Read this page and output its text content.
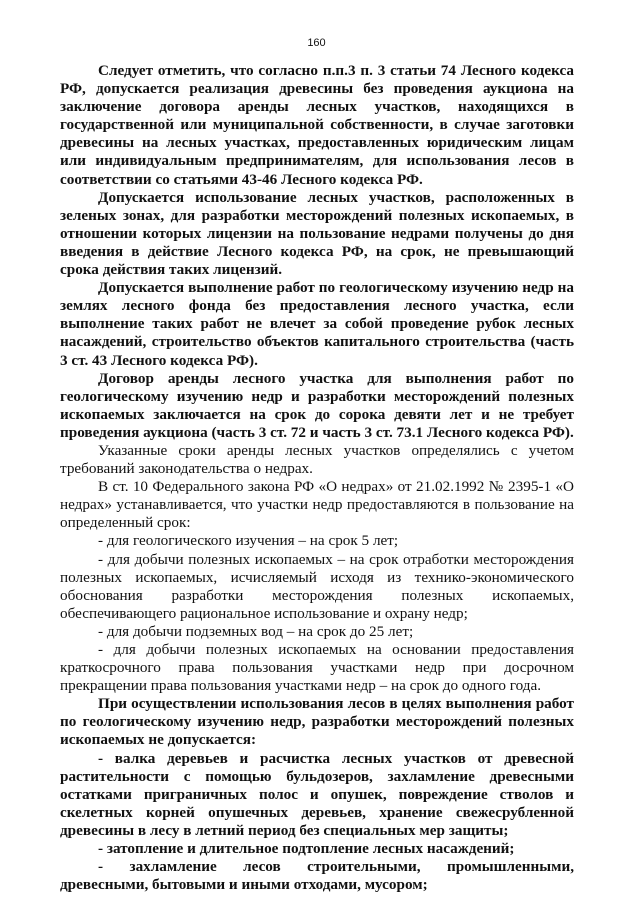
160

Следует отметить, что согласно п.п.3 п. 3 статьи 74 Лесного кодекса РФ, допускается реализация древесины без проведения аукциона на заключение договора аренды лесных участков, находящихся в государственной или муниципальной собственности, в случае заготовки древесины на лесных участках, предоставленных юридическим лицам или индивидуальным предпринимателям, для использования лесов в соответствии со статьями 43-46 Лесного кодекса РФ.

Допускается использование лесных участков, расположенных в зеленых зонах, для разработки месторождений полезных ископаемых, в отношении которых лицензии на пользование недрами получены до дня введения в действие Лесного кодекса РФ, на срок, не превышающий срока действия таких лицензий.

Допускается выполнение работ по геологическому изучению недр на землях лесного фонда без предоставления лесного участка, если выполнение таких работ не влечет за собой проведение рубок лесных насаждений, строительство объектов капитального строительства (часть 3 ст. 43 Лесного кодекса РФ).

Договор аренды лесного участка для выполнения работ по геологическому изучению недр и разработки месторождений полезных ископаемых заключается на срок до сорока девяти лет и не требует проведения аукциона (часть 3 ст. 72 и часть 3 ст. 73.1 Лесного кодекса РФ).

Указанные сроки аренды лесных участков определялись с учетом требований законодательства о недрах.

В ст. 10 Федерального закона РФ «О недрах» от 21.02.1992 № 2395-1 «О недрах» устанавливается, что участки недр предоставляются в пользование на определенный срок:

- для геологического изучения – на срок 5 лет;

- для добычи полезных ископаемых – на срок отработки месторождения полезных ископаемых, исчисляемый исходя из технико-экономического обоснования разработки месторождения полезных ископаемых, обеспечивающего рациональное использование и охрану недр;

- для добычи подземных вод – на срок до 25 лет;

- для добычи полезных ископаемых на основании предоставления краткосрочного права пользования участками недр при досрочном прекращении права пользования участками недр – на срок до одного года.

При осуществлении использования лесов в целях выполнения работ по геологическому изучению недр, разработки месторождений полезных ископаемых не допускается:

- валка деревьев и расчистка лесных участков от древесной растительности с помощью бульдозеров, захламление древесными остатками приграничных полос и опушек, повреждение стволов и скелетных корней опушечных деревьев, хранение свежесрубленной древесины в лесу в летний период без специальных мер защиты;

- затопление и длительное подтопление лесных насаждений;

- захламление лесов строительными, промышленными, древесными, бытовыми и иными отходами, мусором;
